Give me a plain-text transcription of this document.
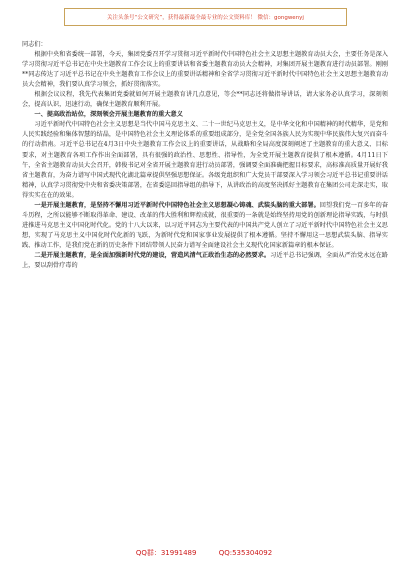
关注头条号“公文研究”，获得最新最全最专业的公文资料库！ 微信：gongwenyj

同志们：

根据中央和省委统一部署，今天，集团党委召开学习贯彻习近平新时代中国特色社会主义思想主题教育动员大会，主要任务是深入学习贯彻习近平总书记在中央主题教育工作会议上的重要讲话和省委主题教育动员大会精神，对集团开展主题教育进行动员部署。刚刚**同志传达了习近平总书记在中央主题教育工作会议上的重要讲话精神和全省学习贯彻习近平新时代中国特色社会主义思想主题教育动员大会精神，我们要认真学习领会，抓好贯彻落实。

根据会议议程，我先代表集团党委就如何开展主题教育讲几点意见，等会**同志还将做指导讲话，请大家务必认真学习，深刻领会，提高认识，迅速行动，确保主题教育顺利开展。

一、提高政治站位，深刻领会开展主题教育的重大意义

习近平新时代中国特色社会主义思想是当代中国马克思主义、二十一世纪马克思主义，是中华文化和中国精神的时代精华，是党和人民实践经验和集体智慧的结晶，是中国特色社会主义理论体系的重要组成部分，是全党全国各族人民为实现中华民族伟大复兴而奋斗的行动指南。习近平总书记在4月3日中央主题教育工作会议上的重要讲话，从战略和全局高度深刻阐述了主题教育的重大意义、目标要求，对主题教育各项工作作出全面部署，具有很强的政治性、思想性、指导性，为全党开展主题教育提供了根本遵循。4月11日下午，全省主题教育动员大会召开，韩俊书记对全省开展主题教育进行动员部署，强调要全面准确把握目标要求，高标准高质量开展好我省主题教育，为奋力谱写中国式现代化湖北篇章提供坚强思想保证。各级党组织和广大党员干部要深入学习领会习近平总书记重要讲话精神，认真学习贯彻党中央和省委决策部署，在省委巡回指导组的指导下，从讲政治的高度坚决抓好主题教育在集团公司走深走实，取得实实在在的效果。

一是开展主题教育，是坚持不懈用习近平新时代中国特色社会主义思想凝心铸魂、武装头脑的重大部署。回望我们党一百多年的奋斗历程，之所以能够不断取得革命、建设、改革的伟大胜利和辉煌成就，很重要的一条就是始终坚持用党的创新理论指导实践，与时俱进推进马克思主义中国化时代化。党的十八大以来，以习近平同志为主要代表的中国共产党人创立了习近平新时代中国特色社会主义思想，实现了马克思主义中国化时代化新的飞跃，为新时代党和国家事业发展提供了根本遵循。坚持不懈用这一思想武装头脑、指导实践、推动工作，是我们党在新的历史条件下团结带领人民奋力谱写全面建设社会主义现代化国家新篇章的根本保证。

二是开展主题教育，是全面加强新时代党的建设，营造风清气正政治生态的必然要求。习近平总书记强调，全面从严治党永远在路上，要以刮骨疗毒的

QQ群：31991489	QQ:535304092
